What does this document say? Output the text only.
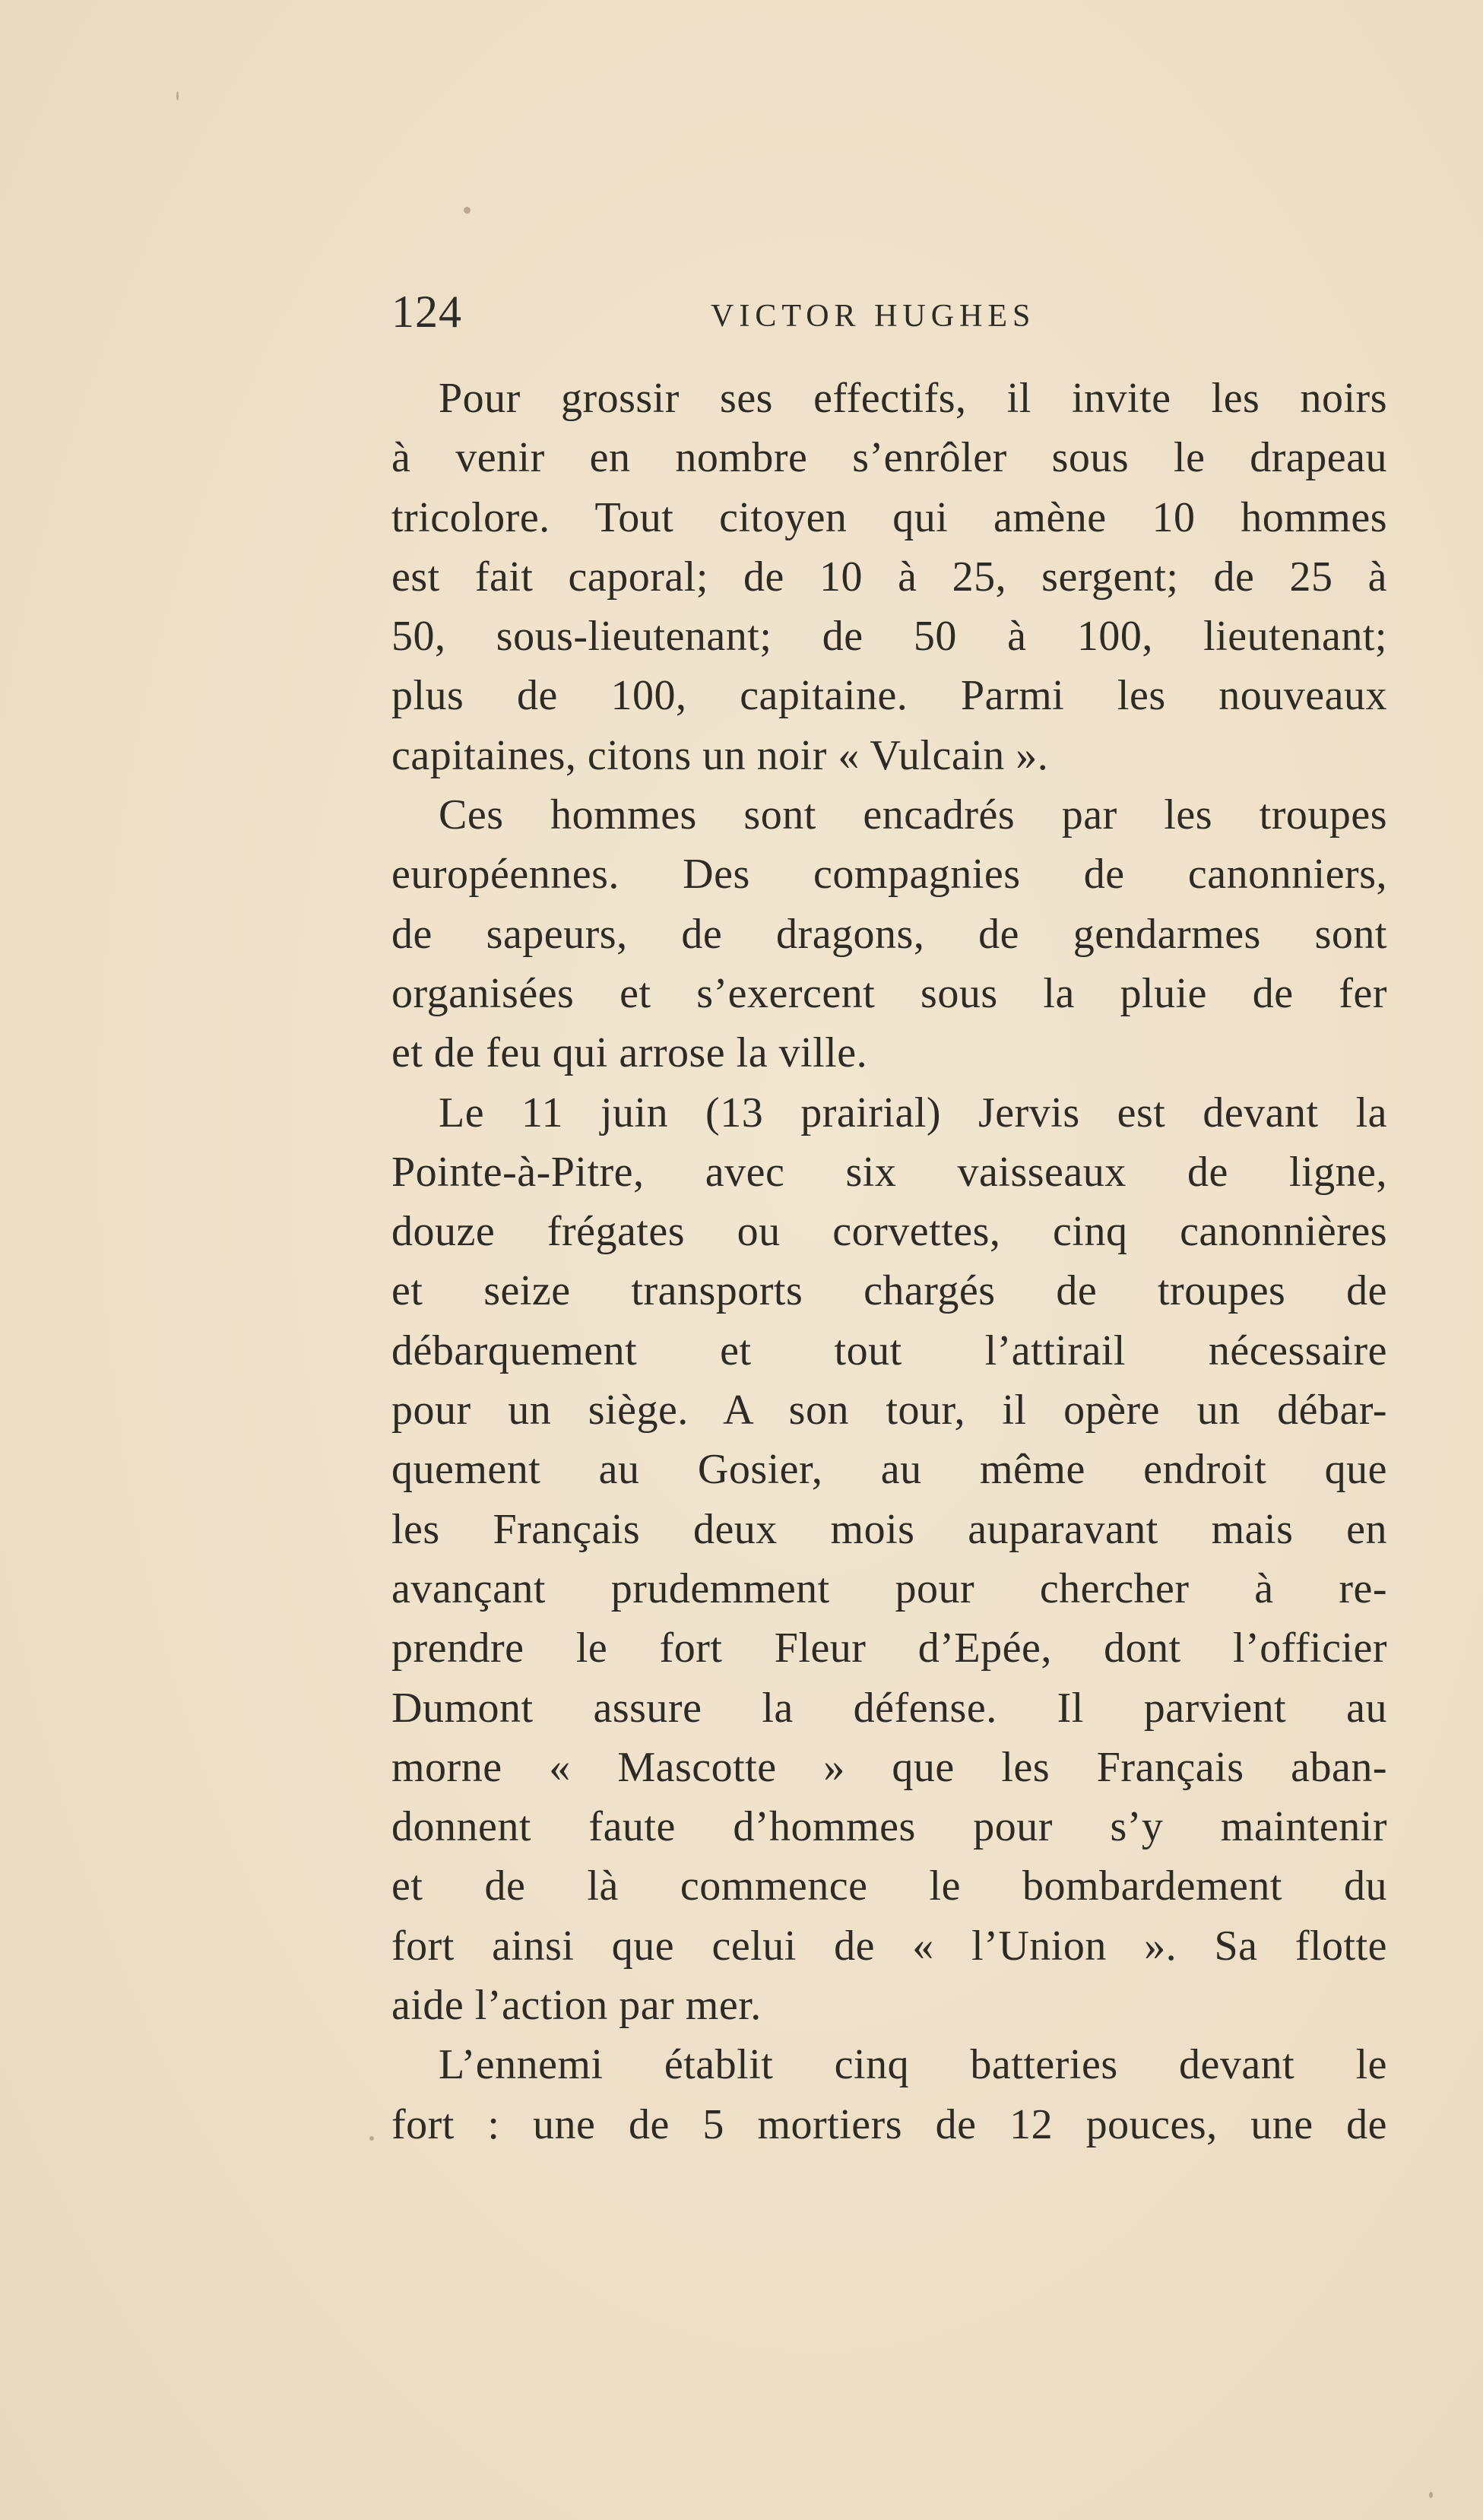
124	VICTOR HUGHES
Pour grossir ses effectifs, il invite les noirs
à venir en nombre s’enrôler sous le drapeau
tricolore. Tout citoyen qui amène 10 hommes
est fait caporal; de 10 à 25, sergent; de 25 à
50, sous-lieutenant; de 50 à 100, lieutenant;
plus de 100, capitaine. Parmi les nouveaux
capitaines, citons un noir « Vulcain ».
Ces hommes sont encadrés par les troupes
européennes. Des compagnies de canonniers,
de sapeurs, de dragons, de gendarmes sont
organisées et s’exercent sous la pluie de fer
et de feu qui arrose la ville.
Le 11 juin (13 prairial) Jervis est devant la
Pointe-à-Pitre, avec six vaisseaux de ligne,
douze frégates ou corvettes, cinq canonnières
et seize transports chargés de troupes de
débarquement et tout l’attirail nécessaire
pour un siège. A son tour, il opère un débar-
quement au Gosier, au même endroit que
les Français deux mois auparavant mais en
avançant prudemment pour chercher à re-
prendre le fort Fleur d’Epée, dont l’officier
Dumont assure la défense. Il parvient au
morne « Mascotte » que les Français aban-
donnent faute d’hommes pour s’y maintenir
et de là commence le bombardement du
fort ainsi que celui de « l’Union ». Sa flotte
aide l’action par mer.
L’ennemi établit cinq batteries devant le
fort : une de 5 mortiers de 12 pouces, une de
